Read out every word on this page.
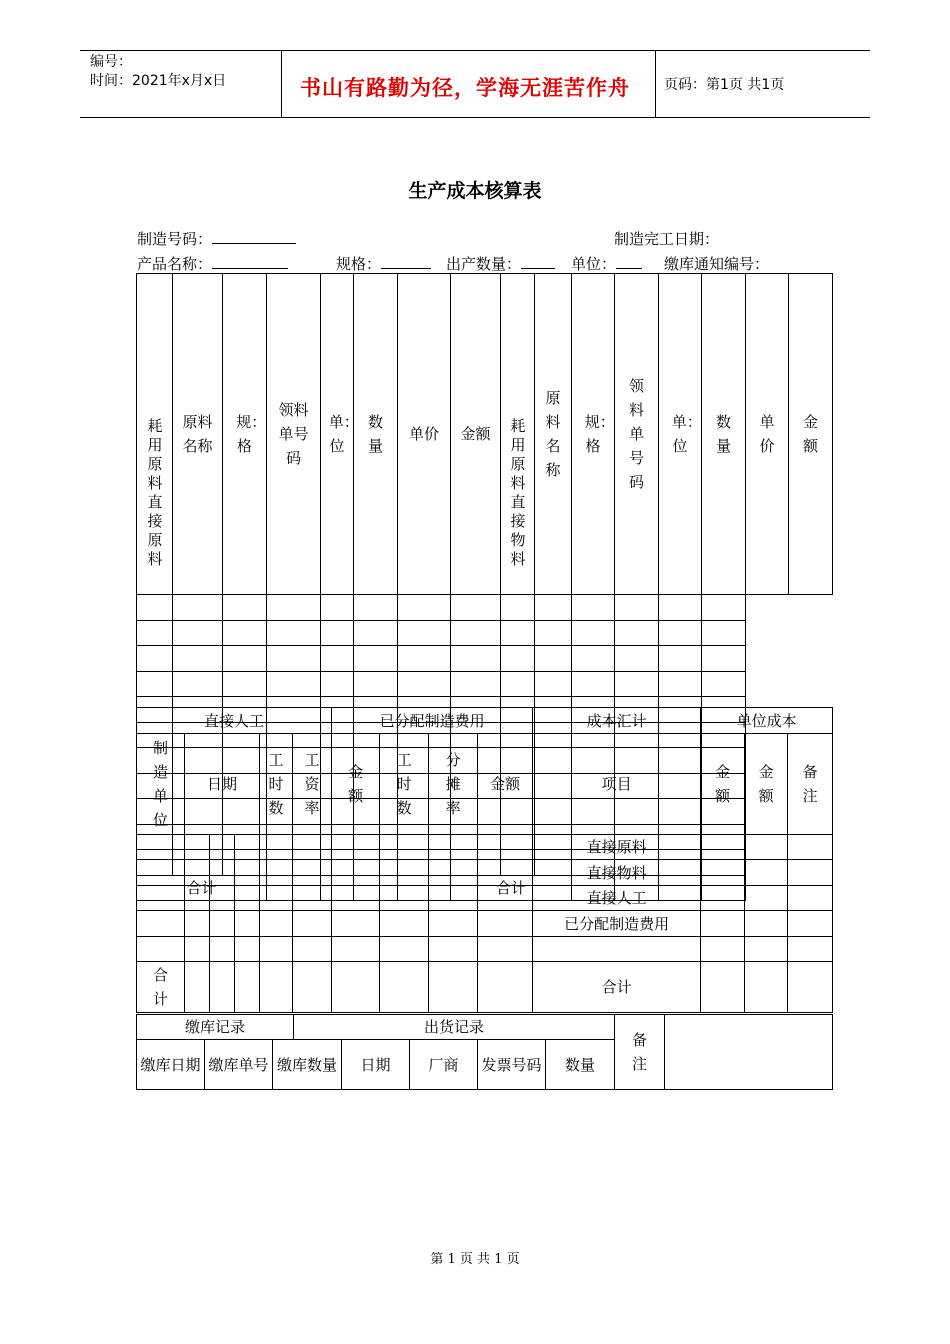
编号：
时间：2021年x月x日	书山有路勤为径，学海无涯苦作舟 页码：第1页 共1页
生产成本核算表
制造号码：	制造完工日期：
产品名称：	规格：	出产数量：	单位：	缴库通知编号：
耗用原料直接原料	原料名称	规：格	领料单号码	单：位	数量	单价	金额	耗用原料直接物料	原料名称	规：格	领料单号码	单：位	数量	单价	金额

合计							合计								
直接人工						已分配制造费用				成本汇计	单位成本		
制造单位	日期			工时数	工资率	金额	工时数	分摊率	金额	项目	金额	金额	备注
										直接原料			
										直接物料			
										直接人工			
										已分配制造费用			

合计										合计			
缴库记录			出货记录					备注	
缴库日期	缴库单号	缴库数量		日期	厂商	发票号码	数量		
第 1 页 共 1 页
